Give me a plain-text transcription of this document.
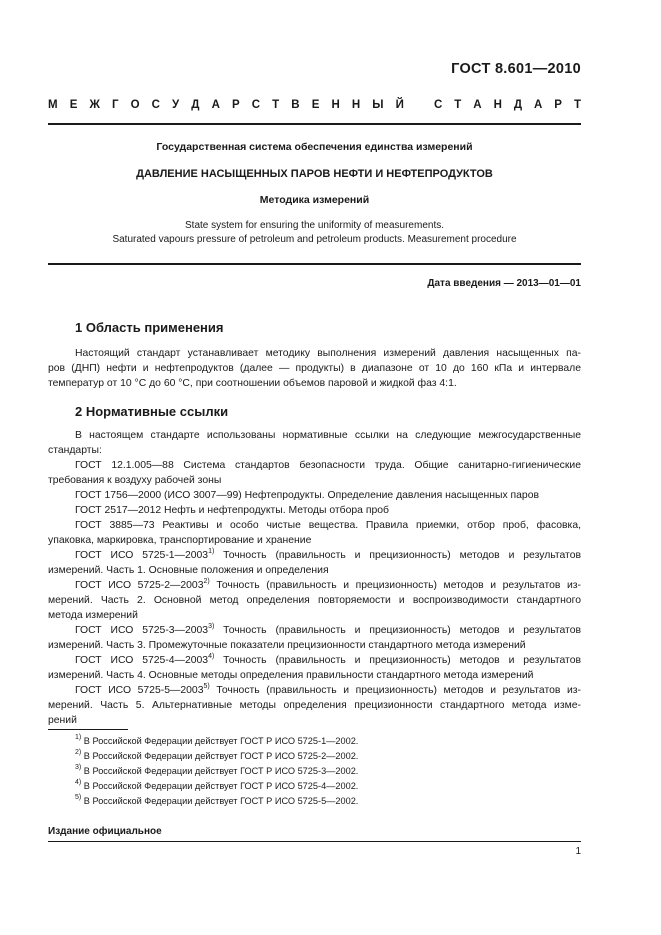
ГОСТ 8.601—2010
М Е Ж Г О С У Д А Р С Т В Е Н Н Ы Й	С Т А Н Д А Р Т
Государственная система обеспечения единства измерений
ДАВЛЕНИЕ НАСЫЩЕННЫХ ПАРОВ НЕФТИ И НЕФТЕПРОДУКТОВ
Методика измерений
State system for ensuring the uniformity of measurements.
Saturated vapours pressure of petroleum and petroleum products. Measurement procedure
Дата введения — 2013—01—01
1 Область применения
Настоящий стандарт устанавливает методику выполнения измерений давления насыщенных па-
ров (ДНП) нефти и нефтепродуктов (далее — продукты) в диапазоне от 10 до 160 кПа и интервале
температур от 10 °С до 60 °С, при соотношении объемов паровой и жидкой фаз 4:1.
2 Нормативные ссылки
В настоящем стандарте использованы нормативные ссылки на следующие межгосударственные
стандарты:
ГОСТ 12.1.005—88 Система стандартов безопасности труда. Общие санитарно-гигиенические
требования к воздуху рабочей зоны
ГОСТ 1756—2000 (ИСО 3007—99) Нефтепродукты. Определение давления насыщенных паров
ГОСТ 2517—2012 Нефть и нефтепродукты. Методы отбора проб
ГОСТ 3885—73 Реактивы и особо чистые вещества. Правила приемки, отбор проб, фасовка,
упаковка, маркировка, транспортирование и хранение
ГОСТ ИСО 5725-1—2003$^{1)}$ Точность (правильность и прецизионность) методов и результатов
измерений. Часть 1. Основные положения и определения
ГОСТ ИСО 5725-2—2003$^{2)}$ Точность (правильность и прецизионность) методов и результатов из-
мерений. Часть 2. Основной метод определения повторяемости и воспроизводимости стандартного
метода измерений
ГОСТ ИСО 5725-3—2003$^{3)}$ Точность (правильность и прецизионность) методов и результатов
измерений. Часть 3. Промежуточные показатели прецизионности стандартного метода измерений
ГОСТ ИСО 5725-4—2003$^{4)}$ Точность (правильность и прецизионность) методов и результатов
измерений. Часть 4. Основные методы определения правильности стандартного метода измерений
ГОСТ ИСО 5725-5—2003$^{5)}$ Точность (правильность и прецизионность) методов и результатов из-
мерений. Часть 5. Альтернативные методы определения прецизионности стандартного метода изме-
рений
$^{1)}$ В Российской Федерации действует ГОСТ Р ИСО 5725-1—2002.
$^{2)}$ В Российской Федерации действует ГОСТ Р ИСО 5725-2—2002.
$^{3)}$ В Российской Федерации действует ГОСТ Р ИСО 5725-3—2002.
$^{4)}$ В Российской Федерации действует ГОСТ Р ИСО 5725-4—2002.
$^{5)}$ В Российской Федерации действует ГОСТ Р ИСО 5725-5—2002.
Издание официальное
1
